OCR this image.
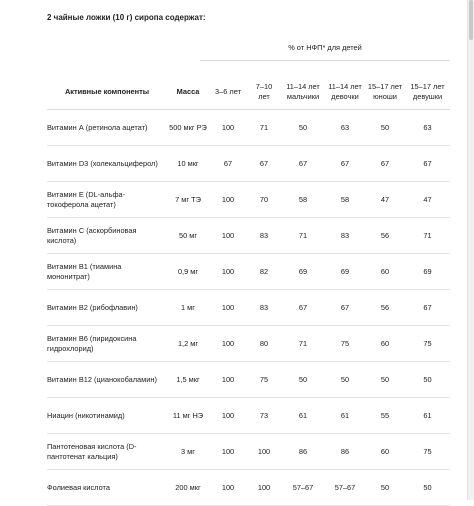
2 чайные ложки (10 г) сиропа содержат:
% от НФП* для детей
Активные компоненты	Масса	3–6 лет	7–10 лет	11–14 лет мальчики	11–14 лет девочки	15–17 лет юноши	15–17 лет девушки
Витамин А (ретинола ацетат)	500 мкг РЭ	100	71	50	63	50	63
Витамин D3 (холекальциферол)	10 мкг	67	67	67	67	67	67
Витамин Е (DL-альфа-токоферола ацетат)	7 мг ТЭ	100	70	58	58	47	47
Витамин С (аскорбиновая кислота)	50 мг	100	83	71	83	56	71
Витамин В1 (тиамина мононитрат)	0,9 мг	100	82	69	69	60	69
Витамин В2 (рибофлавин)	1 мг	100	83	67	67	56	67
Витамин В6 (пиридоксина гидрохлорид)	1,2 мг	100	80	71	75	60	75
Витамин В12 (цианокобаламин)	1,5 мкг	100	75	50	50	50	50
Ниацин (никотинамид)	11 мг НЭ	100	73	61	61	55	61
Пантотеновая кислота (D-пантотенат кальция)	3 мг	100	100	86	86	60	75
Фолиевая кислота	200 мкг	100	100	57–67	57–67	50	50
